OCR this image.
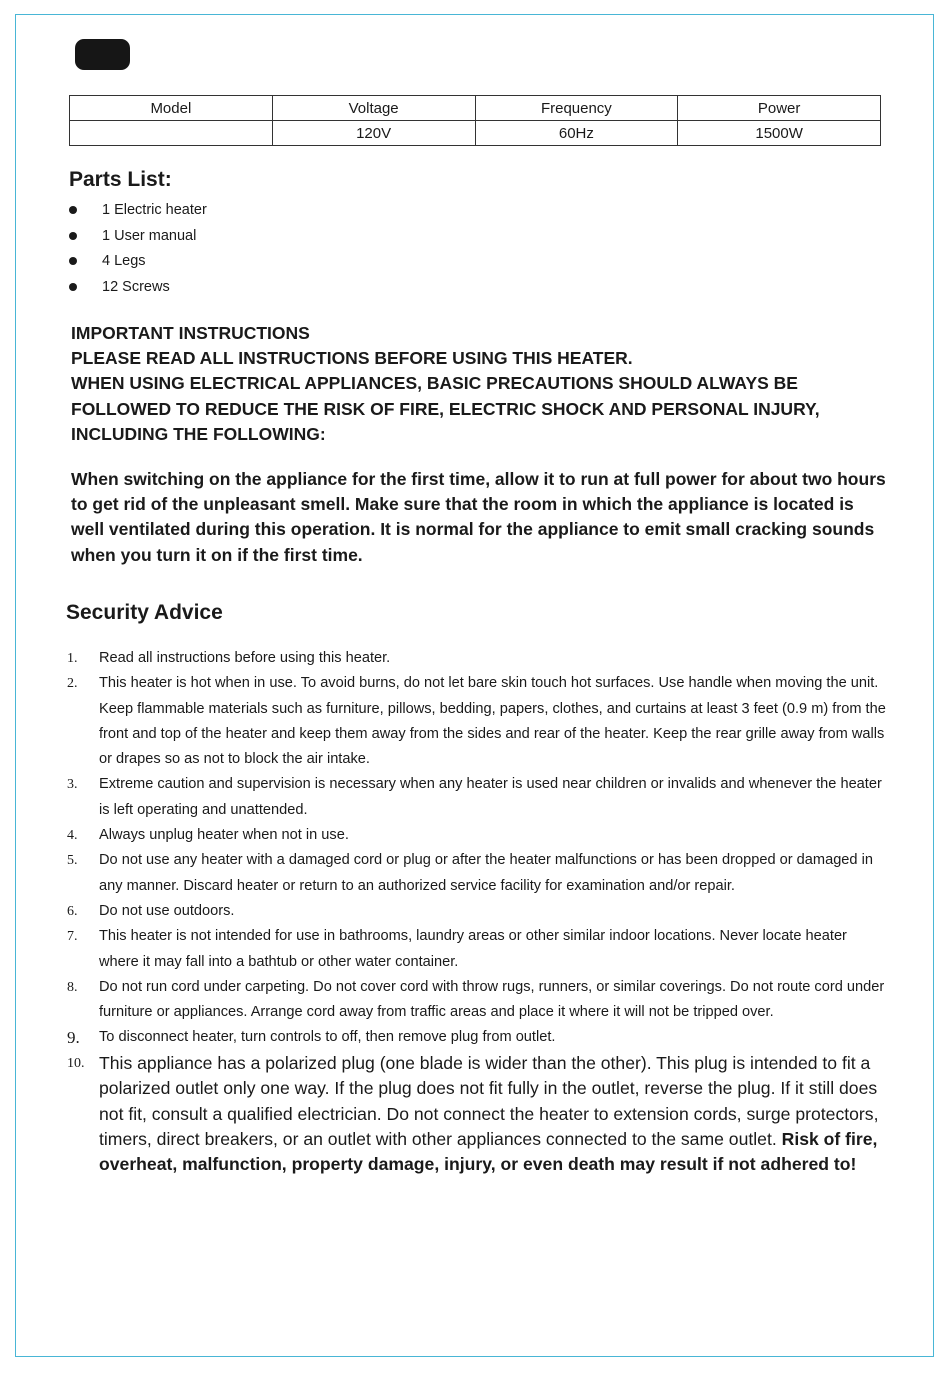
Model	Voltage	Frequency	Power
	120V	60Hz	1500W
Parts List:
1 Electric heater
1 User manual
4 Legs
12 Screws
IMPORTANT INSTRUCTIONS
PLEASE READ ALL INSTRUCTIONS BEFORE USING THIS HEATER.
WHEN USING ELECTRICAL APPLIANCES, BASIC PRECAUTIONS SHOULD ALWAYS BE FOLLOWED TO REDUCE THE RISK OF FIRE, ELECTRIC SHOCK AND PERSONAL INJURY, INCLUDING THE FOLLOWING:

When switching on the appliance for the first time, allow it to run at full power for about two hours to get rid of the unpleasant smell. Make sure that the room in which the appliance is located is well ventilated during this operation. It is normal for the appliance to emit small cracking sounds when you turn it on if the first time.

Security Advice
1. Read all instructions before using this heater.
2. This heater is hot when in use. To avoid burns, do not let bare skin touch hot surfaces. Use handle when moving the unit. Keep flammable materials such as furniture, pillows, bedding, papers, clothes, and curtains at least 3 feet (0.9 m) from the front and top of the heater and keep them away from the sides and rear of the heater. Keep the rear grille away from walls or drapes so as not to block the air intake.
3. Extreme caution and supervision is necessary when any heater is used near children or invalids and whenever the heater is left operating and unattended.
4. Always unplug heater when not in use.
5. Do not use any heater with a damaged cord or plug or after the heater malfunctions or has been dropped or damaged in any manner. Discard heater or return to an authorized service facility for examination and/or repair.
6. Do not use outdoors.
7. This heater is not intended for use in bathrooms, laundry areas or other similar indoor locations. Never locate heater where it may fall into a bathtub or other water container.
8. Do not run cord under carpeting. Do not cover cord with throw rugs, runners, or similar coverings. Do not route cord under furniture or appliances. Arrange cord away from traffic areas and place it where it will not be tripped over.
9. To disconnect heater, turn controls to off, then remove plug from outlet.
10. This appliance has a polarized plug (one blade is wider than the other). This plug is intended to fit a polarized outlet only one way. If the plug does not fit fully in the outlet, reverse the plug. If it still does not fit, consult a qualified electrician. Do not connect the heater to extension cords, surge protectors, timers, direct breakers, or an outlet with other appliances connected to the same outlet. Risk of fire, overheat, malfunction, property damage, injury, or even death may result if not adhered to!
